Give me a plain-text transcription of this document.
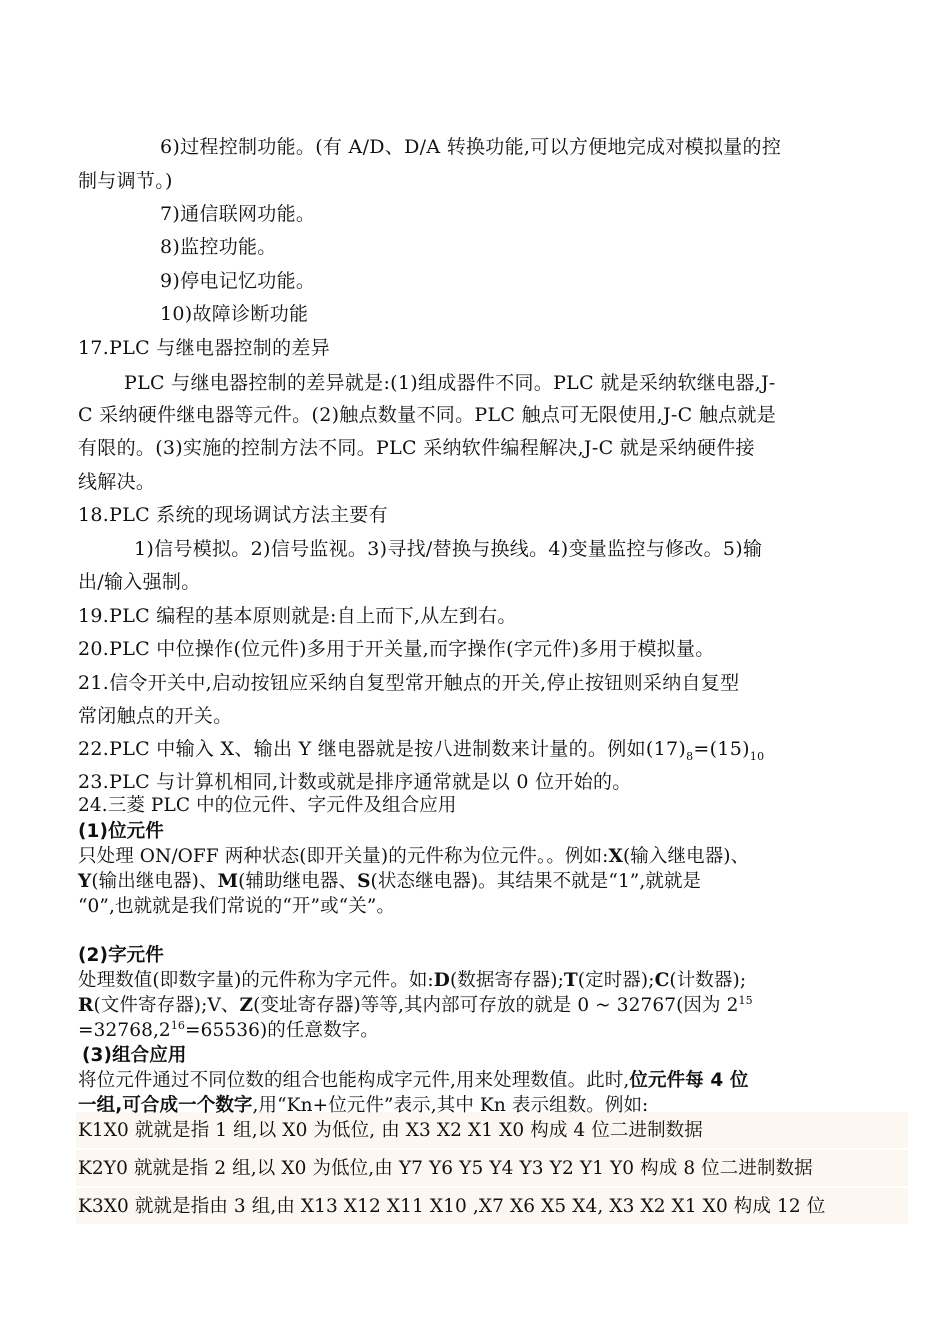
6)过程控制功能。(有 A/D、D/A 转换功能,可以方便地完成对模拟量的控
制与调节。)
7)通信联网功能。
8)监控功能。
9)停电记忆功能。
10)故障诊断功能
17.PLC 与继电器控制的差异
PLC 与继电器控制的差异就是:(1)组成器件不同。PLC 就是采纳软继电器,J-
C 采纳硬件继电器等元件。(2)触点数量不同。PLC 触点可无限使用,J-C 触点就是
有限的。(3)实施的控制方法不同。PLC 采纳软件编程解决,J-C 就是采纳硬件接
线解决。
18.PLC 系统的现场调试方法主要有
1)信号模拟。2)信号监视。3)寻找/替换与换线。4)变量监控与修改。5)输
出/输入强制。
19.PLC 编程的基本原则就是:自上而下,从左到右。
20.PLC 中位操作(位元件)多用于开关量,而字操作(字元件)多用于模拟量。
21.信令开关中,启动按钮应采纳自复型常开触点的开关,停止按钮则采纳自复型
常闭触点的开关。
22.PLC 中输入 X、输出 Y 继电器就是按八进制数来计量的。例如$(17)_8=(15)_{10}$
23.PLC 与计算机相同,计数或就是排序通常就是以 0 位开始的。
24.三菱 PLC 中的位元件、字元件及组合应用
(1)位元件
只处理 ON/OFF 两种状态(即开关量)的元件称为位元件。。例如:X(输入继电器)、
Y(输出继电器)、M(辅助继电器、S(状态继电器)。其结果不就是“1”,就就是
“0”,也就就是我们常说的“开”或“关”。
(2)字元件
处理数值(即数字量)的元件称为字元件。如:D(数据寄存器);T(定时器);C(计数器);
R(文件寄存器);V、Z(变址寄存器)等等,其内部可存放的就是 0 ~ 32767(因为 $2^{15}$
$=32768,2^{16}=65536$)的任意数字。
(3)组合应用
将位元件通过不同位数的组合也能构成字元件,用来处理数值。此时,位元件每 4 位
一组,可合成一个数字,用“Kn+位元件”表示,其中 Kn 表示组数。例如:
K1X0 就就是指 1 组,以 X0 为低位, 由 X3 X2 X1 X0 构成 4 位二进制数据
K2Y0 就就是指 2 组,以 X0 为低位,由 Y7 Y6 Y5 Y4 Y3 Y2 Y1 Y0 构成 8 位二进制数据
K3X0 就就是指由 3 组,由 X13 X12 X11 X10 ,X7 X6 X5 X4, X3 X2 X1 X0 构成 12 位
